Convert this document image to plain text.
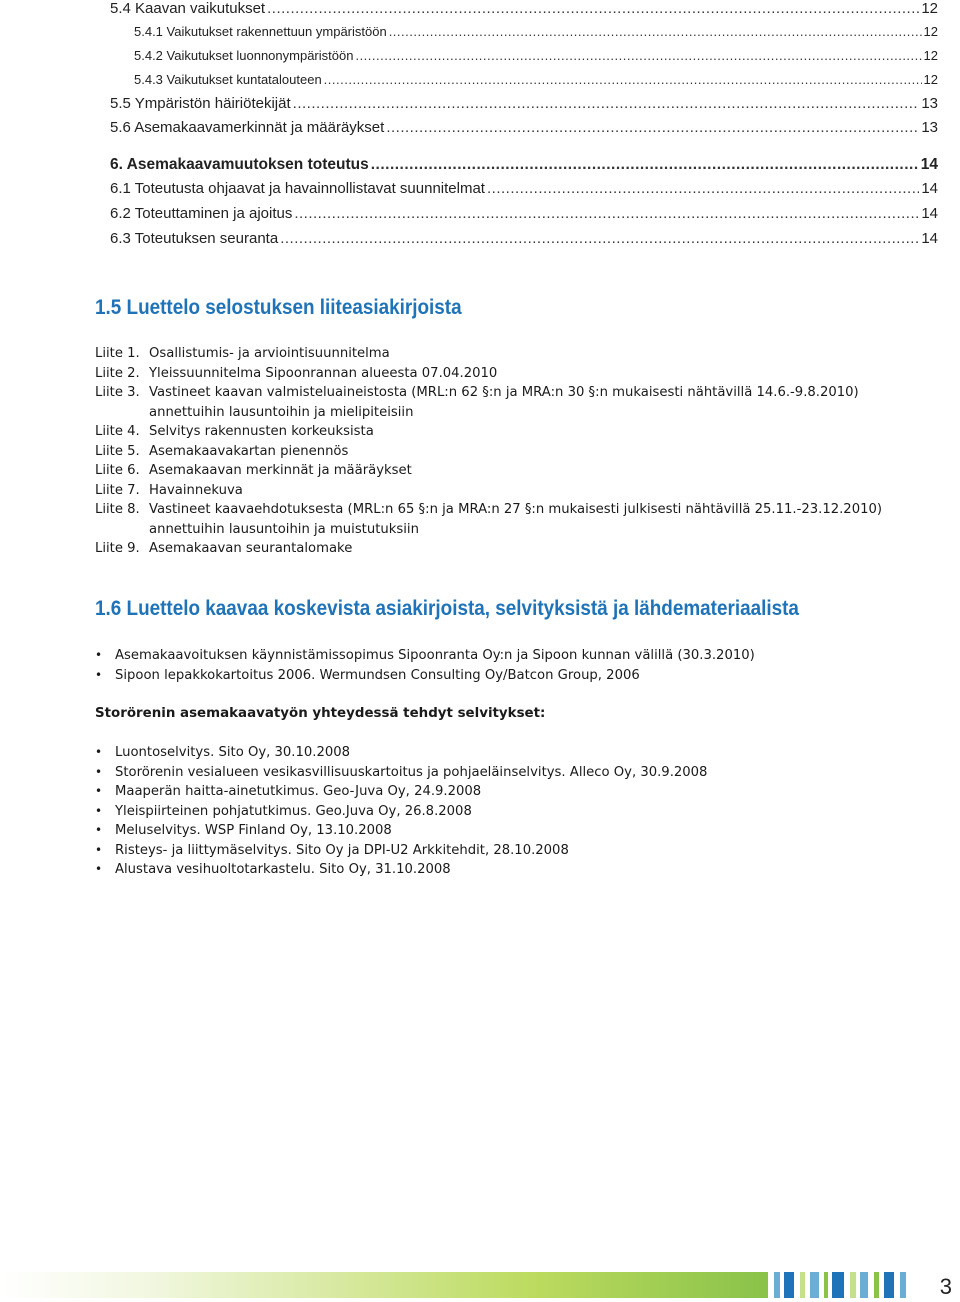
5.4 Kaavan vaikutukset .....	12
5.4.1 Vaikutukset rakennettuun ympäristöön .....	12
5.4.2 Vaikutukset luonnonympäristöön .....	12
5.4.3 Vaikutukset kuntatalouteen .....	12
5.5 Ympäristön häiriötekijät .....	13
5.6 Asemakaavamerkinnät ja määräykset .....	13
6. Asemakaavamuutoksen toteutus .....	14
6.1 Toteutusta ohjaavat ja havainnollistavat suunnitelmat .....	14
6.2 Toteuttaminen ja ajoitus .....	14
6.3 Toteutuksen seuranta .....	14
1.5 Luettelo selostuksen liiteasiakirjoista
Liite 1. Osallistumis- ja arviointisuunnitelma
Liite 2. Yleissuunnitelma Sipoonrannan alueesta 07.04.2010
Liite 3. Vastineet kaavan valmisteluaineistosta (MRL:n 62 §:n ja MRA:n 30 §:n mukaisesti nähtävillä 14.6.-9.8.2010)
annettuihin lausuntoihin ja mielipiteisiin
Liite 4. Selvitys rakennusten korkeuksista
Liite 5. Asemakaavakartan pienennös
Liite 6. Asemakaavan merkinnät ja määräykset
Liite 7. Havainnekuva
Liite 8. Vastineet kaavaehdotuksesta (MRL:n 65 §:n ja MRA:n 27 §:n mukaisesti julkisesti nähtävillä 25.11.-23.12.2010)
annettuihin lausuntoihin ja muistutuksiin
Liite 9. Asemakaavan seurantalomake
1.6 Luettelo kaavaa koskevista asiakirjoista, selvityksistä ja lähdemateriaalista
• Asemakaavoituksen käynnistämissopimus Sipoonranta Oy:n ja Sipoon kunnan välillä (30.3.2010)
• Sipoon lepakkokartoitus 2006. Wermundsen Consulting Oy/Batcon Group, 2006
Storörenin asemakaavatyön yhteydessä tehdyt selvitykset:
• Luontoselvitys. Sito Oy, 30.10.2008
• Storörenin vesialueen vesikasvillisuuskartoitus ja pohjaeläinselvitys. Alleco Oy, 30.9.2008
• Maaperän haitta-ainetutkimus. Geo-Juva Oy, 24.9.2008
• Yleispiirteinen pohjatutkimus. Geo.Juva Oy, 26.8.2008
• Meluselvitys. WSP Finland Oy, 13.10.2008
• Risteys- ja liittymäselvitys. Sito Oy ja DPI-U2 Arkkitehdit, 28.10.2008
• Alustava vesihuoltotarkastelu. Sito Oy, 31.10.2008
3
